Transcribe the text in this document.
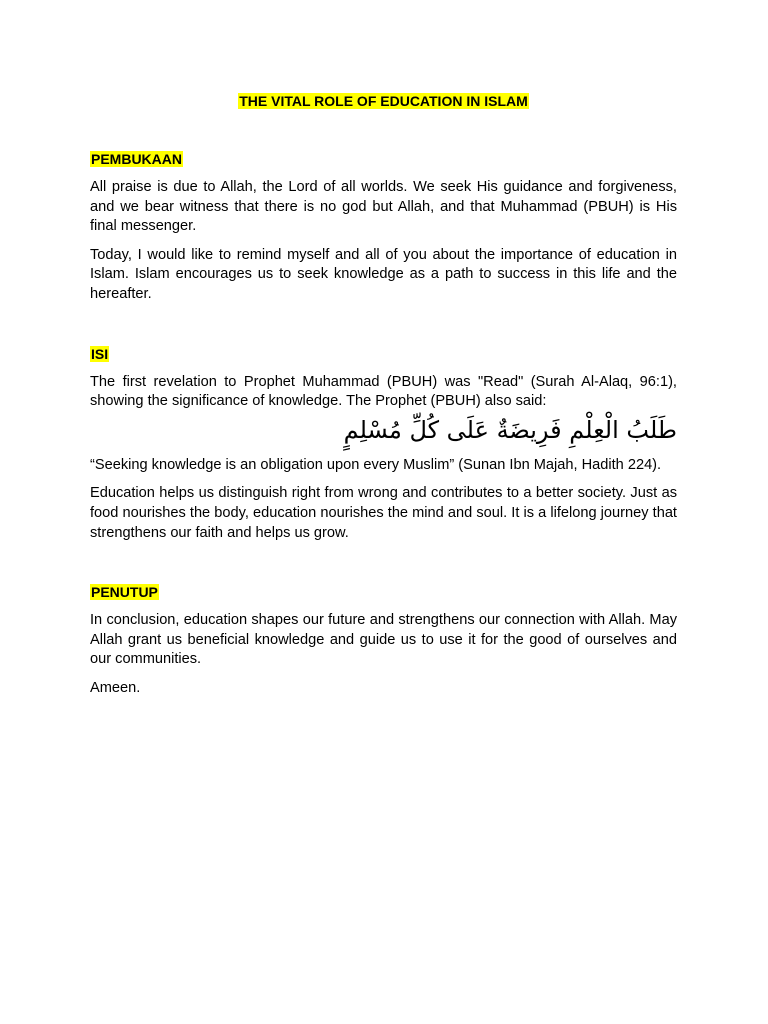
THE VITAL ROLE OF EDUCATION IN ISLAM
PEMBUKAAN

All praise is due to Allah, the Lord of all worlds. We seek His guidance and forgiveness, and we bear witness that there is no god but Allah, and that Muhammad (PBUH) is His final messenger.

Today, I would like to remind myself and all of you about the importance of education in Islam. Islam encourages us to seek knowledge as a path to success in this life and the hereafter.

ISI

The first revelation to Prophet Muhammad (PBUH) was "Read" (Surah Al-Alaq, 96:1), showing the significance of knowledge. The Prophet (PBUH) also said:

طَلَبُ الْعِلْمِ فَرِيضَةٌ عَلَى كُلِّ مُسْلِمٍ

“Seeking knowledge is an obligation upon every Muslim” (Sunan Ibn Majah, Hadith 224).

Education helps us distinguish right from wrong and contributes to a better society. Just as food nourishes the body, education nourishes the mind and soul. It is a lifelong journey that strengthens our faith and helps us grow.

PENUTUP

In conclusion, education shapes our future and strengthens our connection with Allah. May Allah grant us beneficial knowledge and guide us to use it for the good of ourselves and our communities.

Ameen.
